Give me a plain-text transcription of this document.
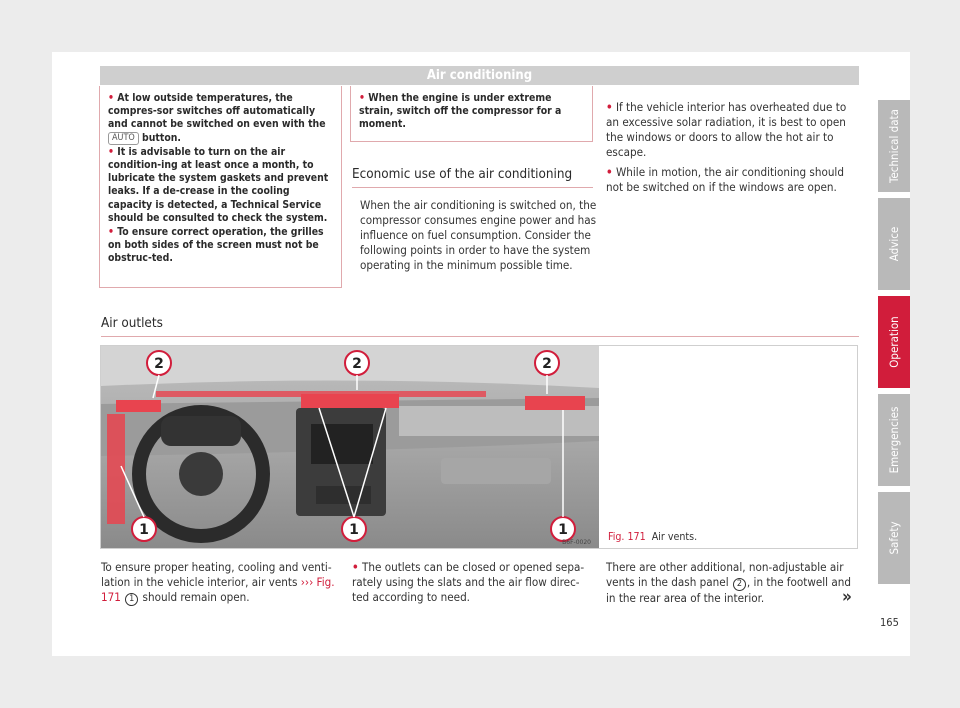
Air conditioning
• At low outside temperatures, the compres-sor switches off automatically and cannot be switched on even with the AUTO button.
• It is advisable to turn on the air condition-ing at least once a month, to lubricate the system gaskets and prevent leaks. If a de-crease in the cooling capacity is detected, a Technical Service should be consulted to check the system.
• To ensure correct operation, the grilles on both sides of the screen must not be obstruc-ted.
• When the engine is under extreme strain, switch off the compressor for a moment.
Economic use of the air conditioning
When the air conditioning is switched on, the compressor consumes engine power and has influence on fuel consumption. Consider the following points in order to have the system operating in the minimum possible time.
• If the vehicle interior has overheated due to an excessive solar radiation, it is best to open the windows or doors to allow the hot air to escape.
• While in motion, the air conditioning should not be switched on if the windows are open.
Air outlets
2	2	2
1	1	1
B6F-0020 Fig. 171 Air vents.
To ensure proper heating, cooling and venti-lation in the vehicle interior, air vents ››› Fig. 171 1 should remain open.
• The outlets can be closed or opened sepa-rately using the slats and the air flow direc-ted according to need.
There are other additional, non-adjustable air vents in the dash panel 2 , in the footwell and in the rear area of the interior.	»
Technical data
Advice
Operation
Emergencies
Safety
165
